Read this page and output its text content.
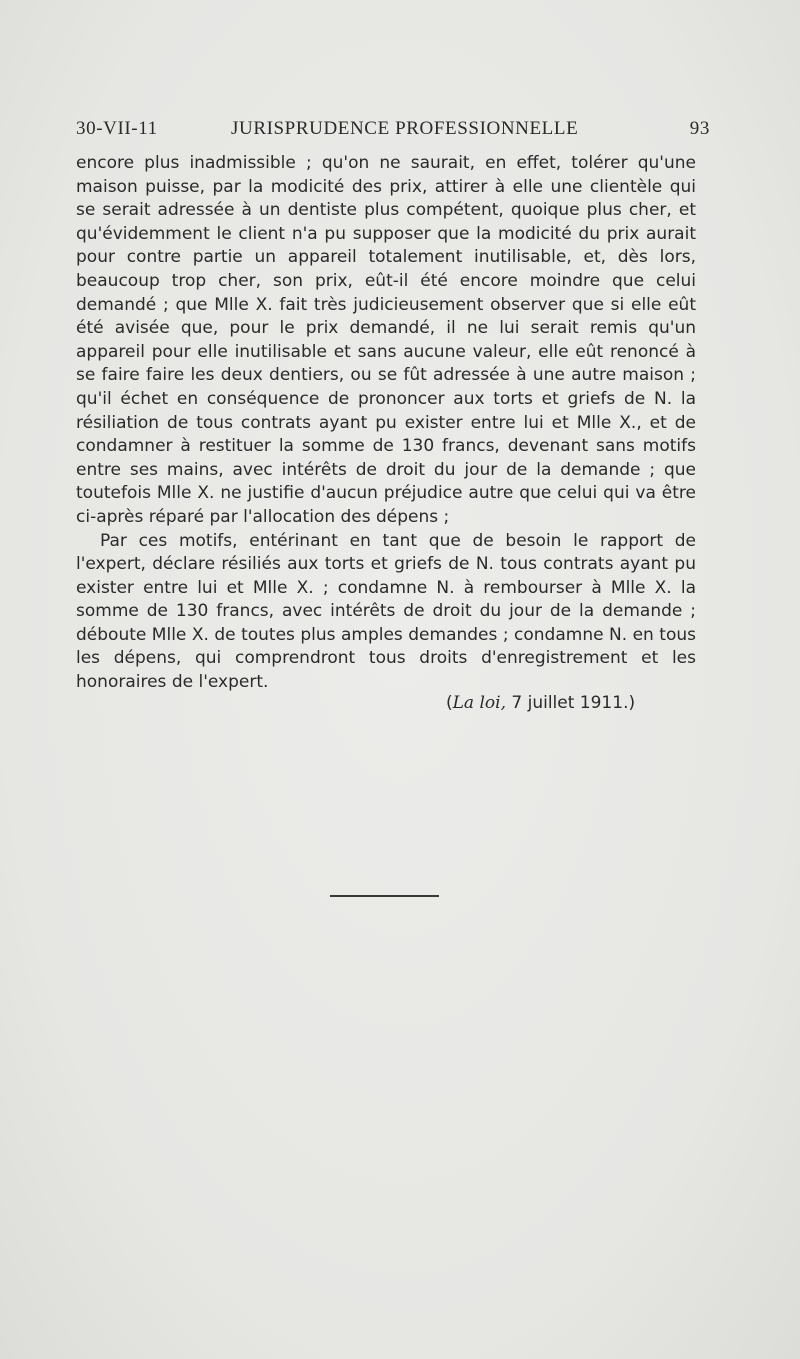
30-VII-11	JURISPRUDENCE PROFESSIONNELLE	93

encore plus inadmissible ; qu'on ne saurait, en effet, tolérer qu'une maison puisse, par la modicité des prix, attirer à elle une clientèle qui se serait adressée à un dentiste plus compétent, quoique plus cher, et qu'évidemment le client n'a pu supposer que la modicité du prix aurait pour contre partie un appareil totalement inutilisable, et, dès lors, beaucoup trop cher, son prix, eût-il été encore moindre que celui demandé ; que Mlle X. fait très judicieusement observer que si elle eût été avisée que, pour le prix demandé, il ne lui serait remis qu'un appareil pour elle inutilisable et sans aucune valeur, elle eût renoncé à se faire faire les deux dentiers, ou se fût adressée à une autre maison ; qu'il échet en conséquence de prononcer aux torts et griefs de N. la résiliation de tous contrats ayant pu exister entre lui et Mlle X., et de condamner à restituer la somme de 130 francs, devenant sans motifs entre ses mains, avec intérêts de droit du jour de la demande ; que toutefois Mlle X. ne justifie d'aucun préjudice autre que celui qui va être ci-après réparé par l'allocation des dépens ;

Par ces motifs, entérinant en tant que de besoin le rapport de l'expert, déclare résiliés aux torts et griefs de N. tous contrats ayant pu exister entre lui et Mlle X. ; condamne N. à rembourser à Mlle X. la somme de 130 francs, avec intérêts de droit du jour de la demande ; déboute Mlle X. de toutes plus amples demandes ; condamne N. en tous les dépens, qui comprendront tous droits d'enregistrement et les honoraires de l'expert.

(La loi, 7 juillet 1911.)
